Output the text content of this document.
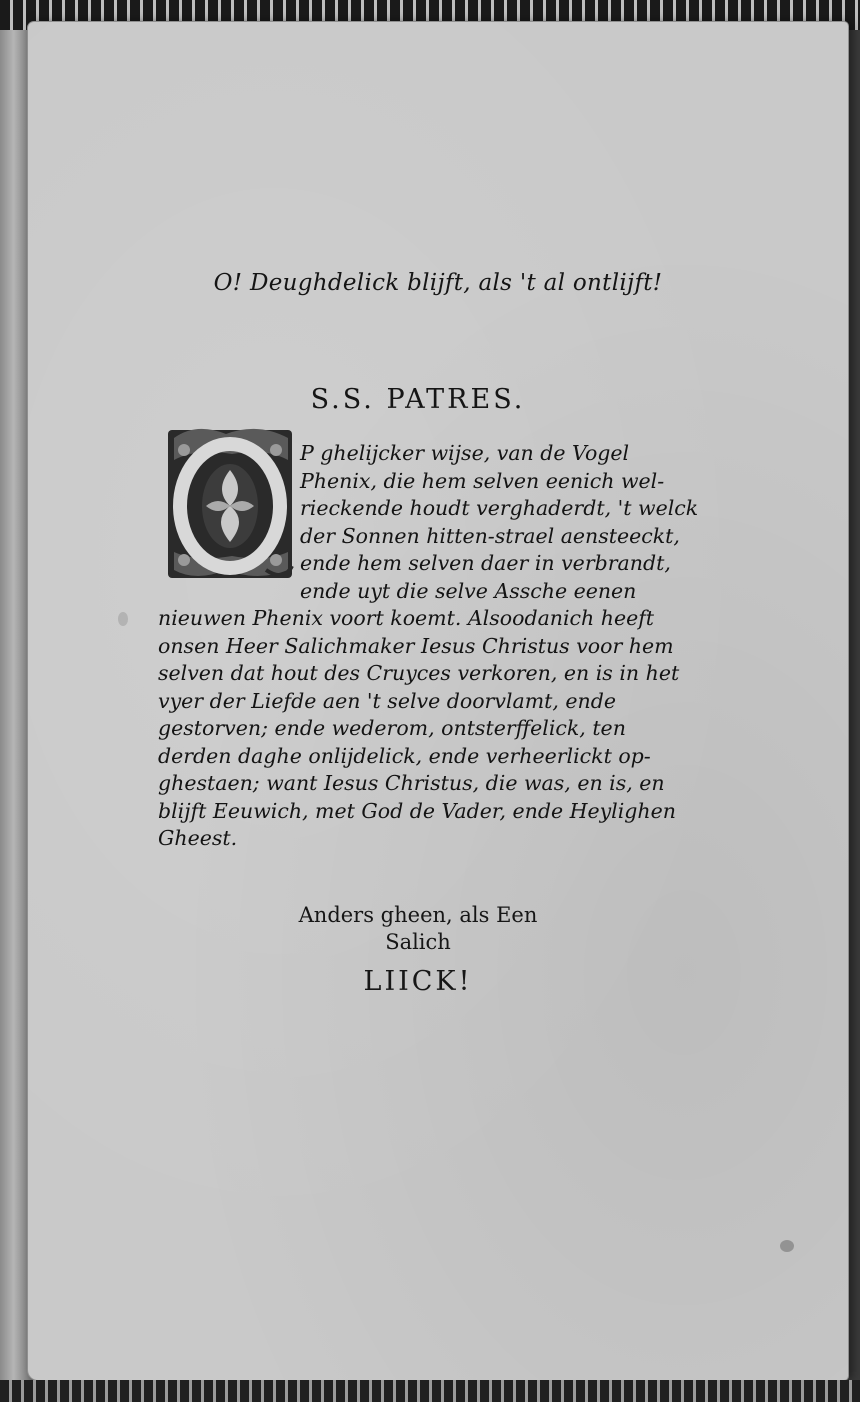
O! Deughdelick blijft, als 't al ontlijft!
S.S. PATRES.
P ghelijcker wijse, van de Vogel Phenix, die hem selven eenich wel-rieckende houdt verghaderdt, 't welck der Sonnen hitten-strael aensteeckt, ende hem selven daer in verbrandt, ende uyt die selve Assche eenen nieuwen Phenix voort koemt. Alsoodanich heeft onsen Heer Salichmaker Iesus Christus voor hem selven dat hout des Cruyces verkoren, en is in het vyer der Liefde aen 't selve doorvlamt, ende gestorven; ende wederom, ontsterffelick, ten derden daghe onlijdelick, ende verheerlickt op-ghestaen; want Iesus Christus, die was, en is, en blijft Eeuwich, met God de Vader, ende Heylighen Gheest.
Anders gheen, als Een
Salich
LIICK!
